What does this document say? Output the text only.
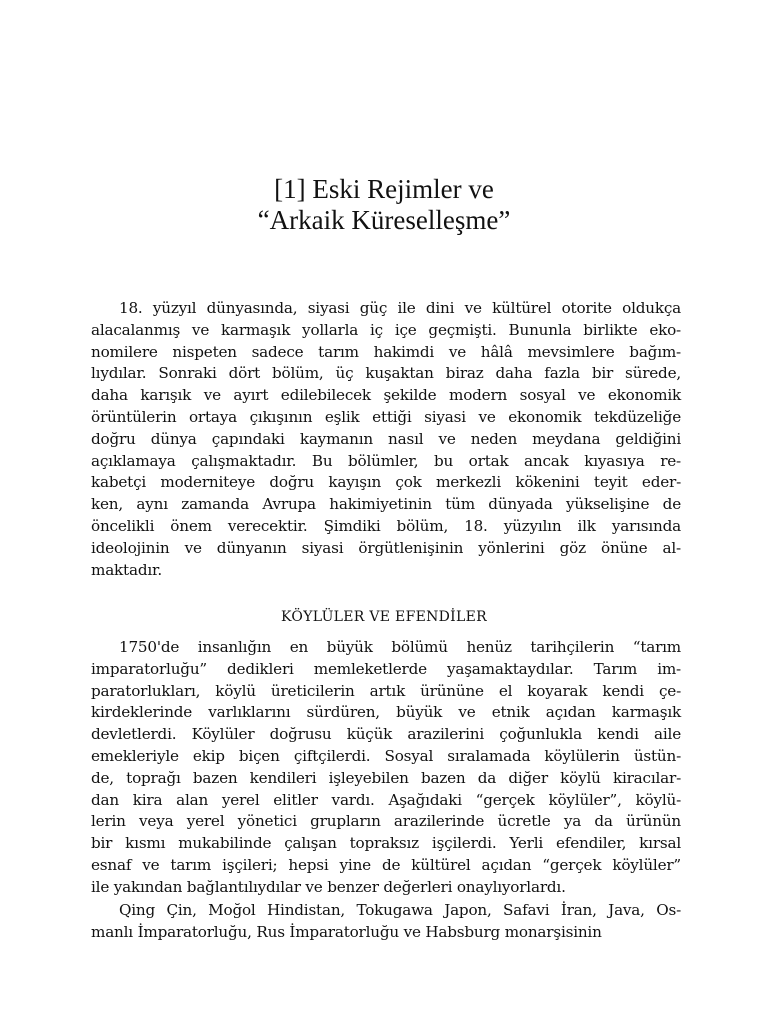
[1] Eski Rejimler ve
“Arkaik Küreselleşme”
18. yüzyıl dünyasında, siyasi güç ile dini ve kültürel otorite oldukça
alacalanmış ve karmaşık yollarla iç içe geçmişti. Bununla birlikte eko-
nomilere nispeten sadece tarım hakimdi ve hâlâ mevsimlere bağım-
lıydılar. Sonraki dört bölüm, üç kuşaktan biraz daha fazla bir sürede,
daha karışık ve ayırt edilebilecek şekilde modern sosyal ve ekonomik
örüntülerin ortaya çıkışının eşlik ettiği siyasi ve ekonomik tekdüzeliğe
doğru dünya çapındaki kaymanın nasıl ve neden meydana geldiğini
açıklamaya çalışmaktadır. Bu bölümler, bu ortak ancak kıyasıya re-
kabetçi moderniteye doğru kayışın çok merkezli kökenini teyit eder-
ken, aynı zamanda Avrupa hakimiyetinin tüm dünyada yükselişine de
öncelikli önem verecektir. Şimdiki bölüm, 18. yüzyılın ilk yarısında
ideolojinin ve dünyanın siyasi örgütlenişinin yönlerini göz önüne al-
maktadır.
KÖYLÜLER VE EFENDİLER
1750'de insanlığın en büyük bölümü henüz tarihçilerin “tarım
imparatorluğu” dedikleri memleketlerde yaşamaktaydılar. Tarım im-
paratorlukları, köylü üreticilerin artık ürününe el koyarak kendi çe-
kirdeklerinde varlıklarını sürdüren, büyük ve etnik açıdan karmaşık
devletlerdi. Köylüler doğrusu küçük arazilerini çoğunlukla kendi aile
emekleriyle ekip biçen çiftçilerdi. Sosyal sıralamada köylülerin üstün-
de, toprağı bazen kendileri işleyebilen bazen da diğer köylü kiracılar-
dan kira alan yerel elitler vardı. Aşağıdaki “gerçek köylüler”, köylü-
lerin veya yerel yönetici grupların arazilerinde ücretle ya da ürünün
bir kısmı mukabilinde çalışan topraksız işçilerdi. Yerli efendiler, kırsal
esnaf ve tarım işçileri; hepsi yine de kültürel açıdan “gerçek köylüler”
ile yakından bağlantılıydılar ve benzer değerleri onaylıyorlardı.
Qing Çin, Moğol Hindistan, Tokugawa Japon, Safavi İran, Java, Os-
manlı İmparatorluğu, Rus İmparatorluğu ve Habsburg monarşisinin
